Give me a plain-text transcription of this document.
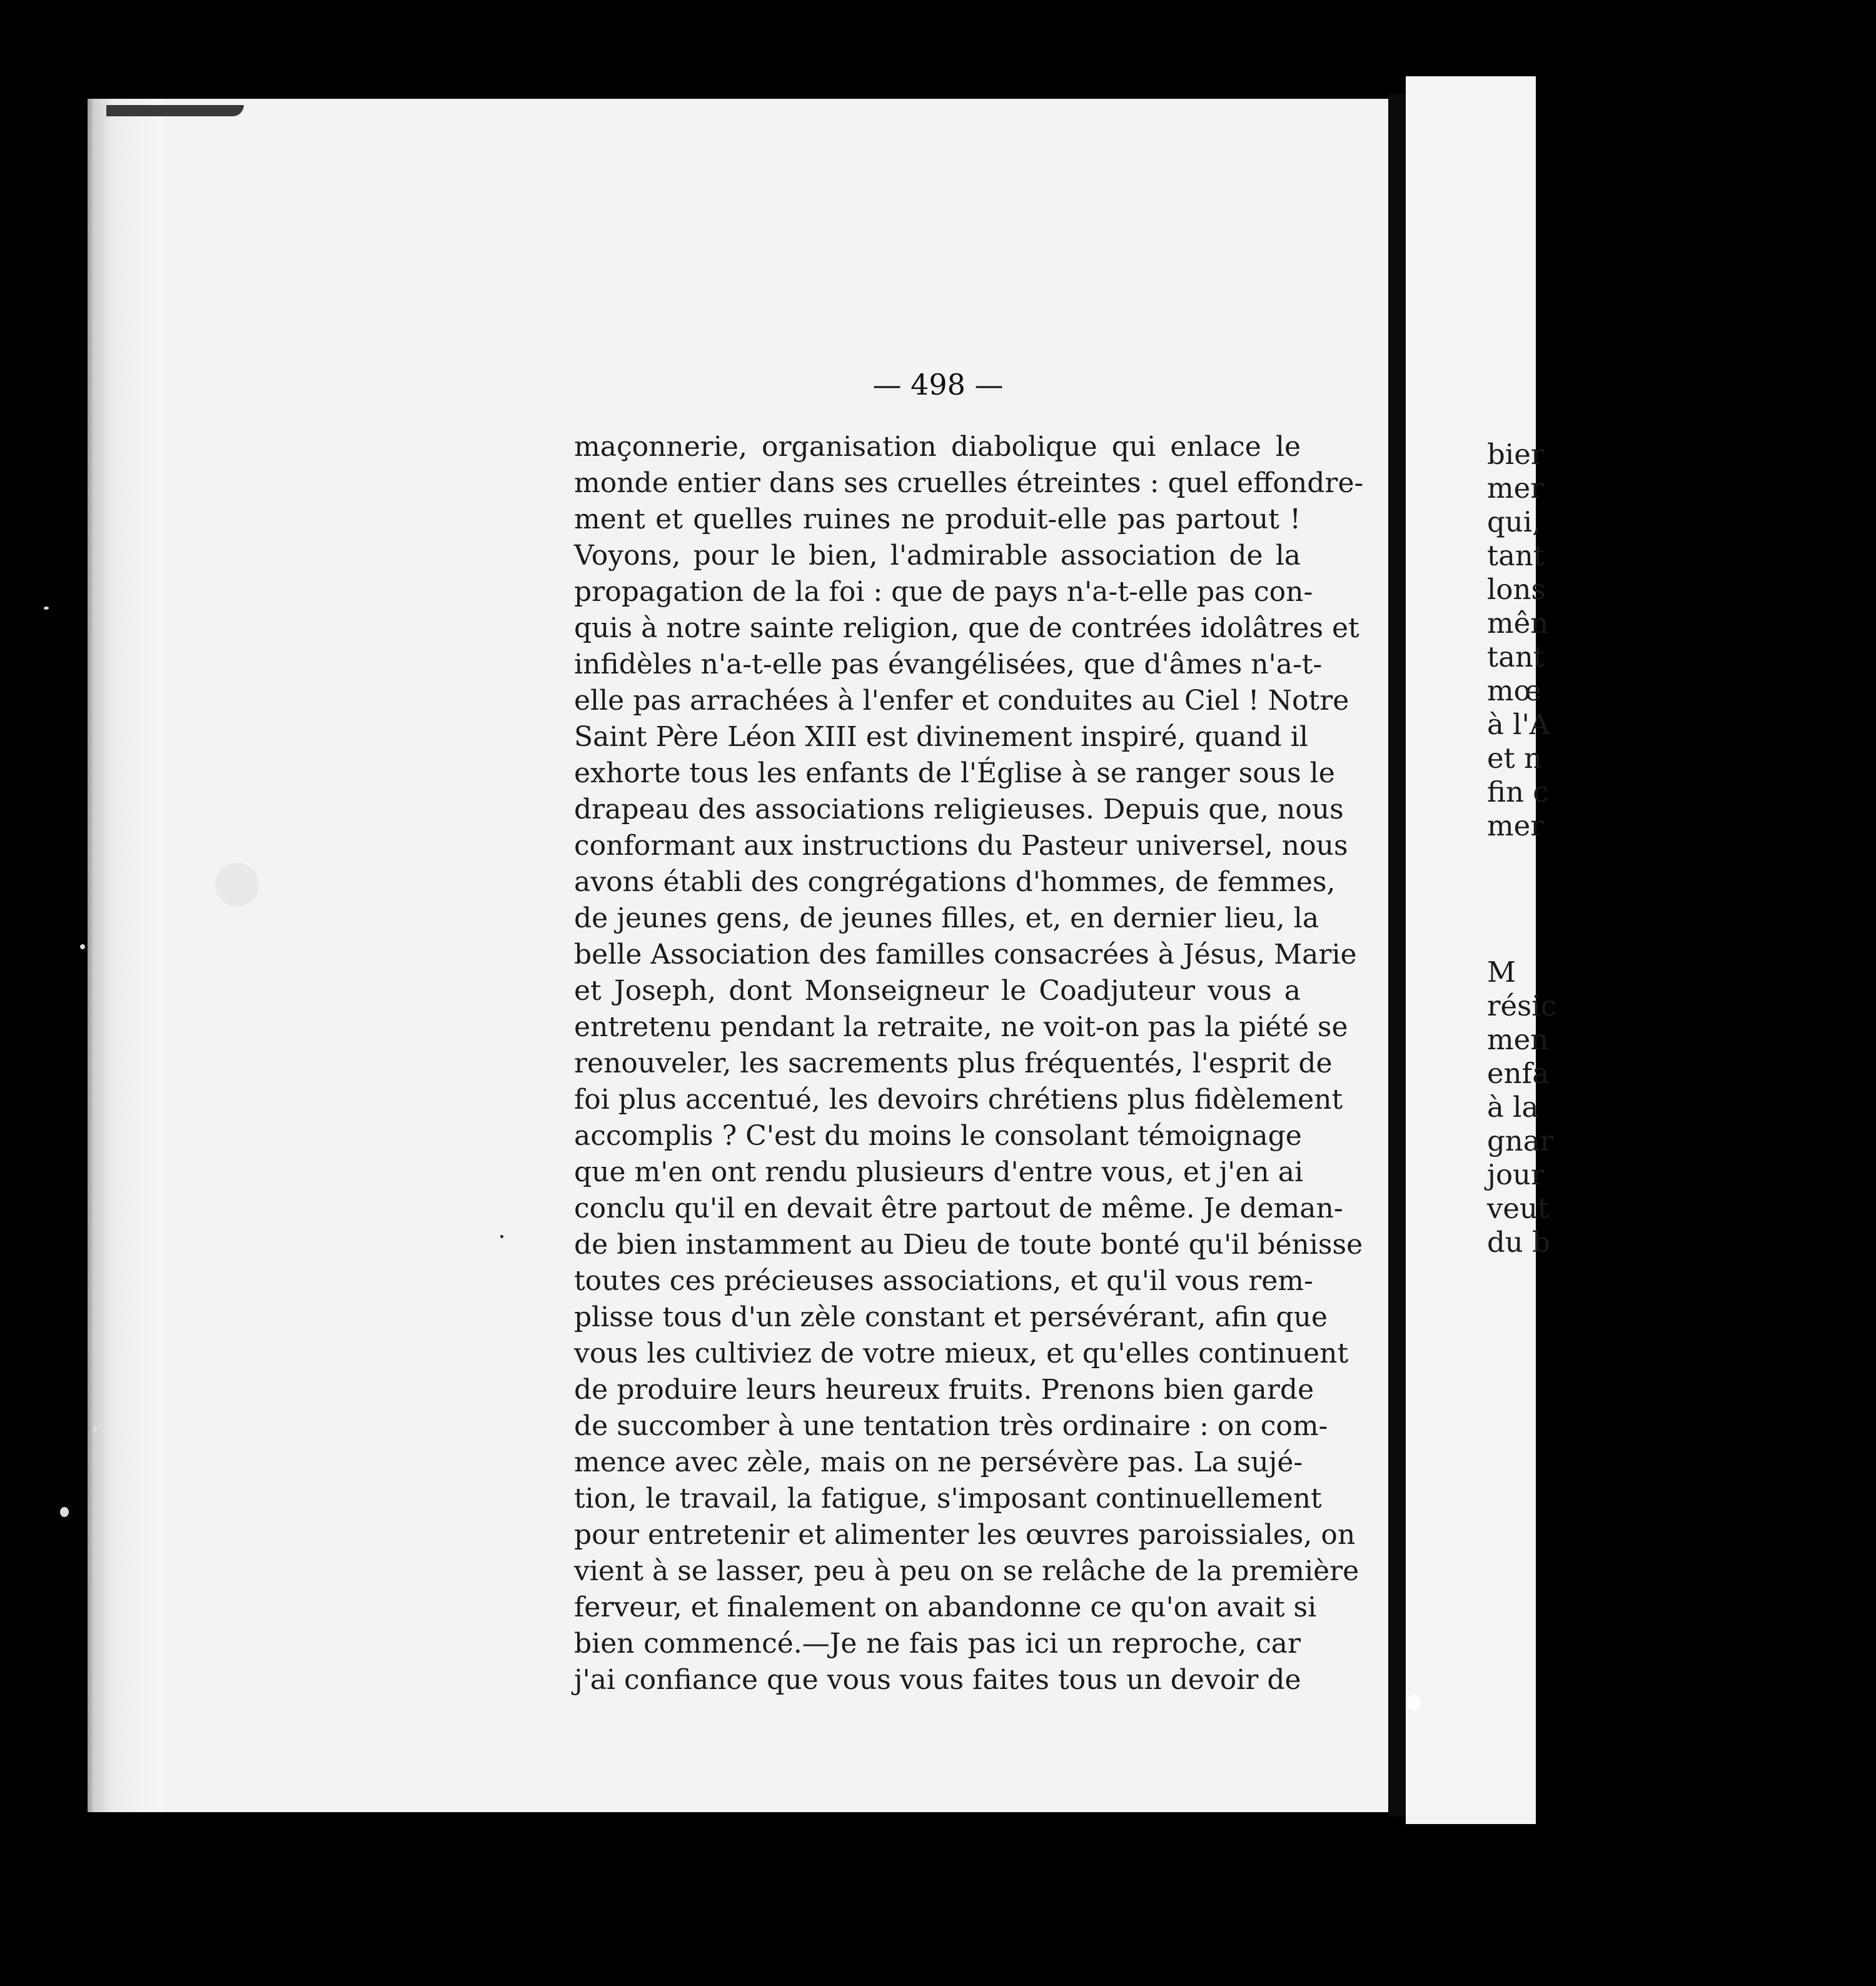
— 498 —
maçonnerie, organisation diabolique qui enlace le
monde entier dans ses cruelles étreintes : quel effondre-
ment et quelles ruines ne produit-elle pas partout !
Voyons, pour le bien, l'admirable association de la
propagation de la foi : que de pays n'a-t-elle pas con-
quis à notre sainte religion, que de contrées idolâtres et
infidèles n'a-t-elle pas évangélisées, que d'âmes n'a-t-
elle pas arrachées à l'enfer et conduites au Ciel ! Notre
Saint Père Léon XIII est divinement inspiré, quand il
exhorte tous les enfants de l'Église à se ranger sous le
drapeau des associations religieuses. Depuis que, nous
conformant aux instructions du Pasteur universel, nous
avons établi des congrégations d'hommes, de femmes,
de jeunes gens, de jeunes filles, et, en dernier lieu, la
belle Association des familles consacrées à Jésus, Marie
et Joseph, dont Monseigneur le Coadjuteur vous a
entretenu pendant la retraite, ne voit-on pas la piété se
renouveler, les sacrements plus fréquentés, l'esprit de
foi plus accentué, les devoirs chrétiens plus fidèlement
accomplis ? C'est du moins le consolant témoignage
que m'en ont rendu plusieurs d'entre vous, et j'en ai
conclu qu'il en devait être partout de même. Je deman-
de bien instamment au Dieu de toute bonté qu'il bénisse
toutes ces précieuses associations, et qu'il vous rem-
plisse tous d'un zèle constant et persévérant, afin que
vous les cultiviez de votre mieux, et qu'elles continuent
de produire leurs heureux fruits. Prenons bien garde
de succomber à une tentation très ordinaire : on com-
mence avec zèle, mais on ne persévère pas. La sujé-
tion, le travail, la fatigue, s'imposant continuellement
pour entretenir et alimenter les œuvres paroissiales, on
vient à se lasser, peu à peu on se relâche de la première
ferveur, et finalement on abandonne ce qu'on avait si
bien commencé.—Je ne fais pas ici un reproche, car
j'ai confiance que vous vous faites tous un devoir de
bier
mer
qui,
tant
lons
mên
tant
mœ
à l'A
et n
fin c
mer
M
résic
men
enfa
à la
gnar
jour
veut
du b
